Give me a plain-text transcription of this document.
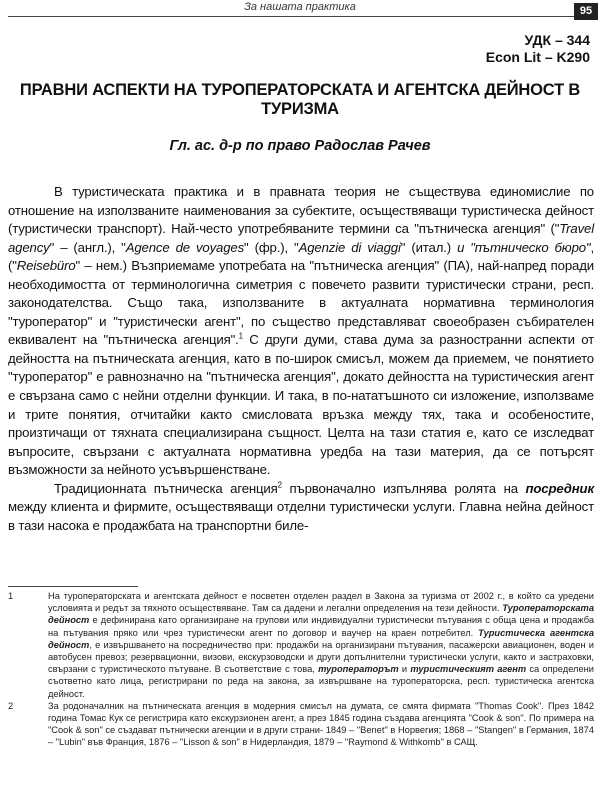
За нашата практика	95
УДК – 344
Econ Lit – K290
ПРАВНИ АСПЕКТИ НА ТУРОПЕРАТОРСКАТА И АГЕНТСКА ДЕЙНОСТ В ТУРИЗМА
Гл. ас. д-р по право Радослав Рачев

В туристическата практика и в правната теория не съществува единомислие по отношение на използваните наименования за субектите, осъществяващи туристическа дейност (туристически транспорт). Най-често употребяваните термини са "пътническа агенция" ("Travel agency" – (англ.), "Agence de voyages" (фр.), "Agenzie di viaggi" (итал.) и "пътническо бюро", ("Reisebüro" – нем.) Възприемаме употребата на "пътническа агенция" (ПА), най-напред поради необходимостта от терминологична симетрия с повечето развити туристически страни, респ. законодателства. Също така, използваните в актуалната нормативна терминология "туроператор" и "туристически агент", по същество представляват своеобразен събирателен еквивалент на "пътническа агенция".$^1$ С други думи, става дума за разностранни аспекти от дейността на пътническата агенция, като в по-широк смисъл, можем да приемем, че понятието "туроператор" е равнозначно на "пътническа агенция", докато дейността на туристическия агент е свързана само с нейни отделни функции. И така, в по-нататъшното си изложение, използваме и трите понятия, отчитайки както смисловата връзка между тях, така и особеностите, произтичащи от тяхната специализирана същност. Целта на тази статия е, като се изследват въпросите, свързани с актуалната нормативна уредба на тази материя, да се потърсят възможности за нейното усъвършенстване.

Традиционната пътническа агенция$^2$ първоначално изпълнява ролята на посредник между клиента и фирмите, осъществяващи отделни туристически услуги. Главна нейна дейност в тази насока е продажбата на транспортни биле-

1	На туроператорската и агентската дейност е посветен отделен раздел в Закона за туризма от 2002 г., в който са уредени условията и редът за тяхното осъществяване. Там са дадени и легални определения на тези дейности. Туроператорската дейност е дефинирана като организиране на групови или индивидуални туристически пътувания с обща цена и продажба на пътувания пряко или чрез туристически агент по договор и ваучер на краен потребител. Туристическа агентска дейност, е извършването на посредничество при: продажби на организирани пътувания, пасажерски авиационен, воден и автобусен превоз; резервационни, визови, екскурзоводски и други допълнителни туристически услуги, както и застраховки, свързани с туристическото пътуване. В съответствие с това, туроператорът и туристическият агент са определени съответно като лица, регистрирани по реда на закона, за извършване на туроператорска, респ. туристическа агентска дейност.
2	За родоначалник на пътническата агенция в модерния смисъл на думата, се смята фирмата "Thomas Cook". През 1842 година Томас Кук се регистрира като екскурзионен агент, а през 1845 година създава агенцията "Cook & son". По примера на "Cook & son" се създават пътнически агенции и в други страни- 1849 – "Benet" в Норвегия; 1868 – "Stangen" в Германия, 1874 – "Lubin" във Франция, 1876 – "Lisson & son" в Нидерландия, 1879 – "Raymond & Withkomb" в САЩ.
